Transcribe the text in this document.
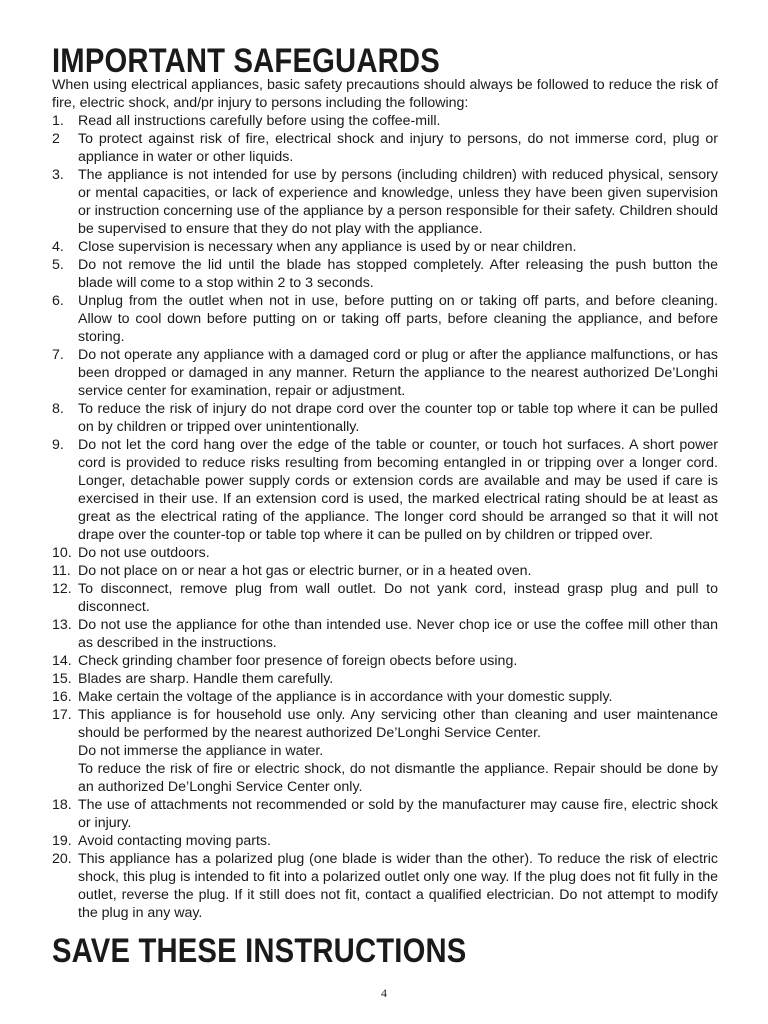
IMPORTANT SAFEGUARDS

When using electrical appliances, basic safety precautions should always be followed to reduce the risk of fire, electric shock, and/pr injury to persons including the following:

1. Read all instructions carefully before using the coffee-mill.
2 To protect against risk of fire, electrical shock and injury to persons, do not immerse cord, plug or appliance in water or other liquids.
3. The appliance is not intended for use by persons (including children) with reduced physical, sensory or mental capacities, or lack of experience and knowledge, unless they have been given supervision or instruction concerning use of the appliance by a person responsible for their safety. Children should be supervised to ensure that they do not play with the appliance.
4. Close supervision is necessary when any appliance is used by or near children.
5. Do not remove the lid until the blade has stopped completely. After releasing the push button the blade will come to a stop within 2 to 3 seconds.
6. Unplug from the outlet when not in use, before putting on or taking off parts, and before cleaning. Allow to cool down before putting on or taking off parts, before cleaning the appliance, and before storing.
7. Do not operate any appliance with a damaged cord or plug or after the appliance malfunctions, or has been dropped or damaged in any manner. Return the appliance to the nearest authorized De’Longhi service center for examination, repair or adjustment.
8. To reduce the risk of injury do not drape cord over the counter top or table top where it can be pulled on by children or tripped over unintentionally.
9. Do not let the cord hang over the edge of the table or counter, or touch hot surfaces. A short power cord is provided to reduce risks resulting from becoming entangled in or tripping over a longer cord. Longer, detachable power supply cords or extension cords are available and may be used if care is exercised in their use. If an extension cord is used, the marked electrical rating should be at least as great as the electrical rating of the appliance. The longer cord should be arranged so that it will not drape over the counter-top or table top where it can be pulled on by children or tripped over.
10. Do not use outdoors.
11. Do not place on or near a hot gas or electric burner, or in a heated oven.
12. To disconnect, remove plug from wall outlet. Do not yank cord, instead grasp plug and pull to disconnect.
13. Do not use the appliance for othe than intended use. Never chop ice or use the coffee mill other than as described in the instructions.
14. Check grinding chamber foor presence of foreign obects before using.
15. Blades are sharp. Handle them carefully.
16. Make certain the voltage of the appliance is in accordance with your domestic supply.
17. This appliance is for household use only. Any servicing other than cleaning and user maintenance should be performed by the nearest authorized De’Longhi Service Center.
Do not immerse the appliance in water.
To reduce the risk of fire or electric shock, do not dismantle the appliance. Repair should be done by an authorized De’Longhi Service Center only.
18. The use of attachments not recommended or sold by the manufacturer may cause fire, electric shock or injury.
19. Avoid contacting moving parts.
20. This appliance has a polarized plug (one blade is wider than the other). To reduce the risk of electric shock, this plug is intended to fit into a polarized outlet only one way. If the plug does not fit fully in the outlet, reverse the plug. If it still does not fit, contact a qualified electrician. Do not attempt to modify the plug in any way.
SAVE THESE INSTRUCTIONS
4
